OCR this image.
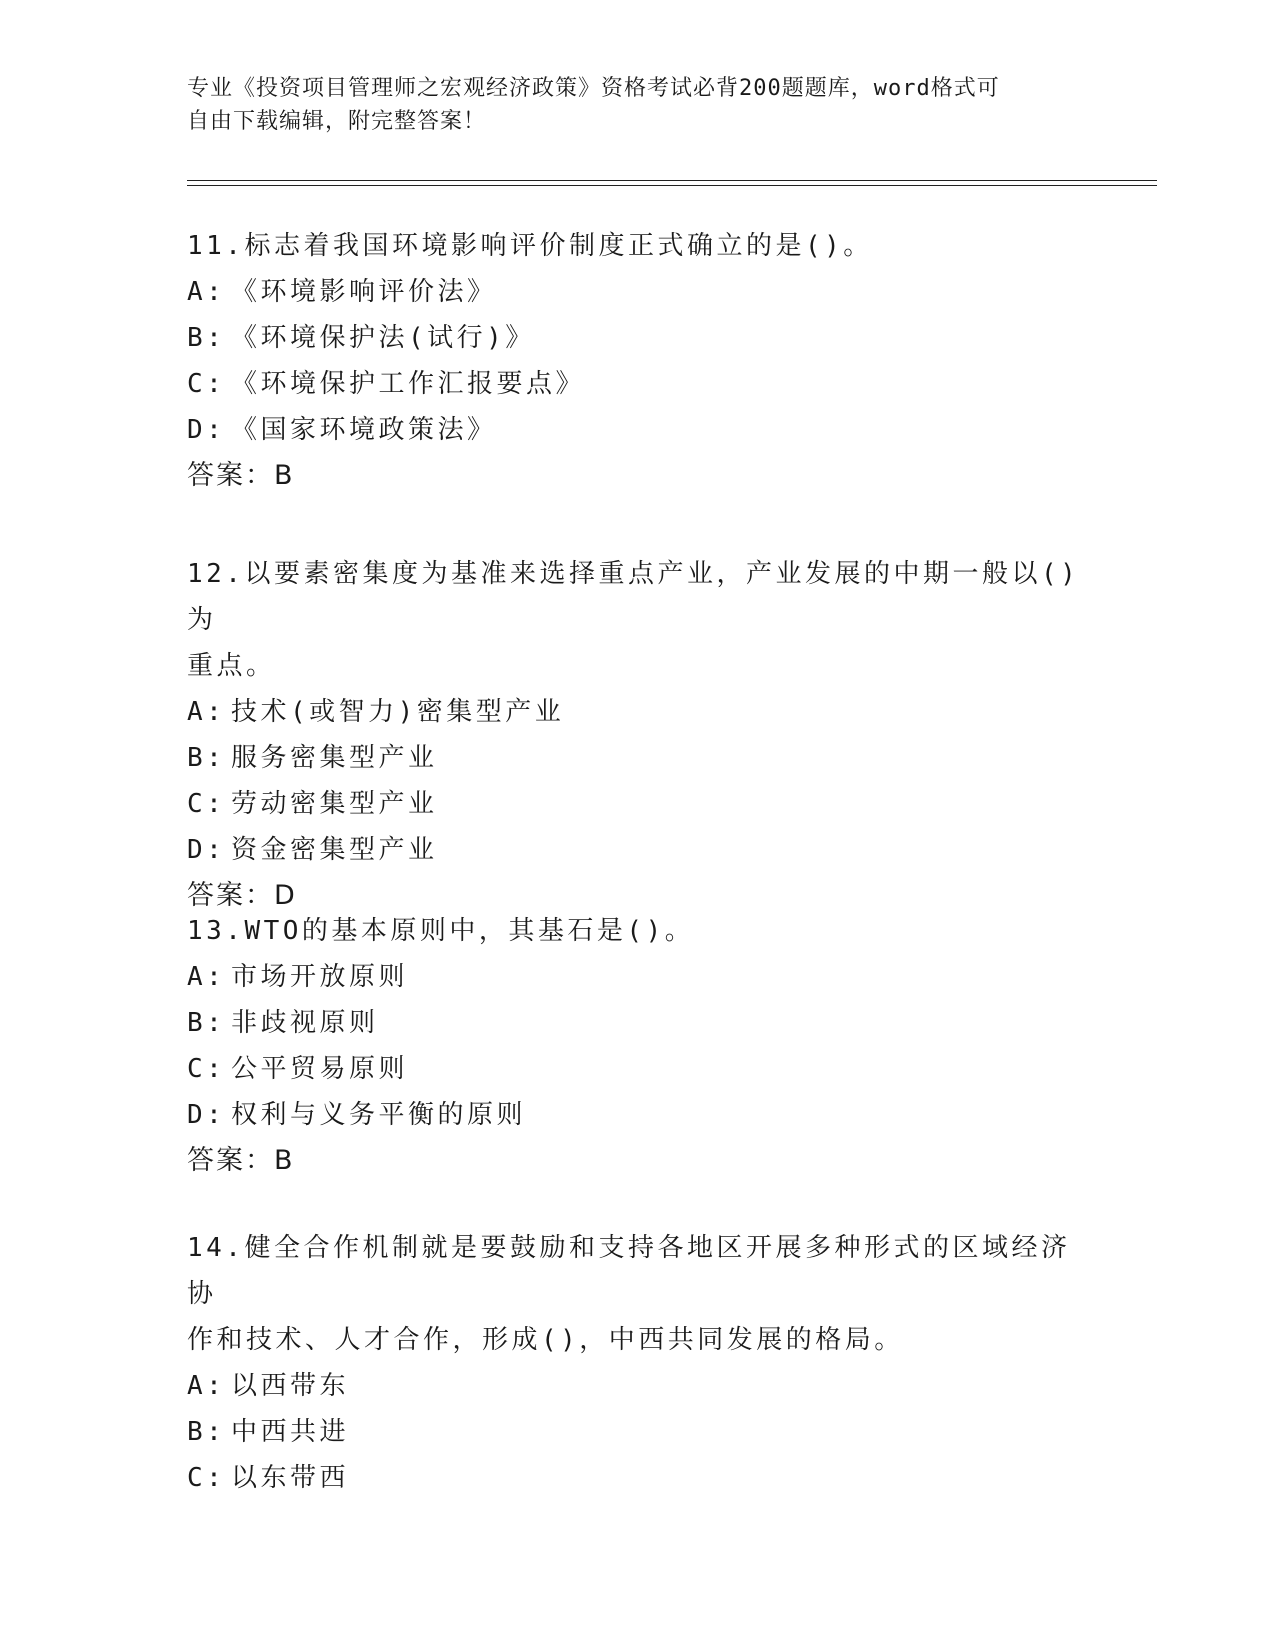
专业《投资项目管理师之宏观经济政策》资格考试必背200题题库，word格式可
自由下载编辑，附完整答案！

11.标志着我国环境影响评价制度正式确立的是()。

A: 《环境影响评价法》

B: 《环境保护法(试行)》

C: 《环境保护工作汇报要点》

D: 《国家环境政策法》

答案：B

12.以要素密集度为基准来选择重点产业，产业发展的中期一般以()为

重点。

A: 技术(或智力)密集型产业

B: 服务密集型产业

C: 劳动密集型产业

D: 资金密集型产业

答案：D

13.WTO的基本原则中，其基石是()。

A: 市场开放原则

B: 非歧视原则

C: 公平贸易原则

D: 权利与义务平衡的原则

答案：B

14.健全合作机制就是要鼓励和支持各地区开展多种形式的区域经济协

作和技术、人才合作，形成()，中西共同发展的格局。

A: 以西带东

B: 中西共进

C: 以东带西
